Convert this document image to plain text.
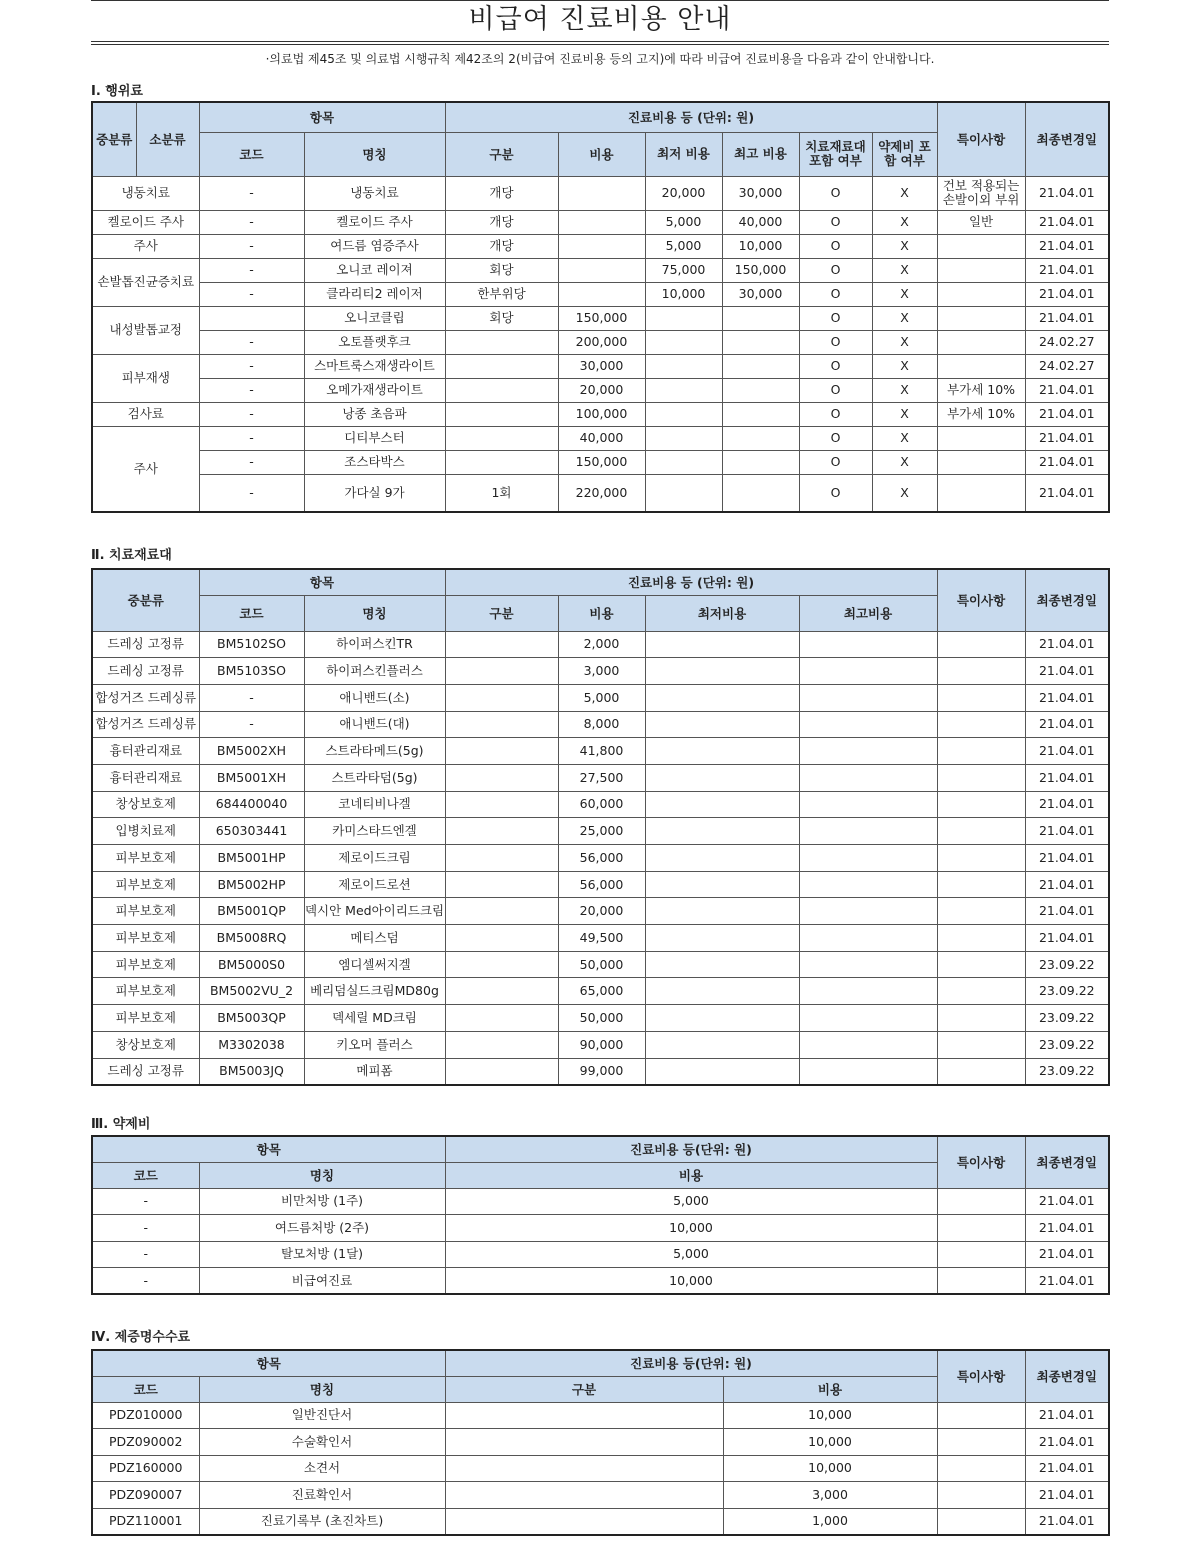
비급여 진료비용 안내
·의료법 제45조 및 의료법 시행규칙 제42조의 2(비급여 진료비용 등의 고지)에 따라 비급여 진료비용을 다음과 같이 안내합니다.
Ⅰ. 행위료
중분류	소분류	항목		진료비용 등 (단위: 원)						특이사항	최종변경일
		코드	명칭	구분	비용	최저 비용	최고 비용	치료재료대 포함 여부	약제비 포함 여부		
냉동치료		-	냉동치료	개당		20,000	30,000	O	X	건보 적용되는 손발이외 부위	21.04.01
켈로이드 주사		-	켈로이드 주사	개당		5,000	40,000	O	X	일반	21.04.01
주사		-	여드름 염증주사	개당		5,000	10,000	O	X		21.04.01
손발톱진균증치료		-	오니코 레이져	회당		75,000	150,000	O	X		21.04.01
		-	클라리티2 레이저	한부위당		10,000	30,000	O	X		21.04.01
내성발톱교정			오니코클립	회당	150,000			O	X		21.04.01
		-	오토플랫후크		200,000			O	X		24.02.27
피부재생		-	스마트룩스재생라이트		30,000			O	X		24.02.27
		-	오메가재생라이트		20,000			O	X	부가세 10%	21.04.01
검사료		-	낭종 초음파		100,000			O	X	부가세 10%	21.04.01
주사		-	디티부스터		40,000			O	X		21.04.01
		-	조스타박스		150,000			O	X		21.04.01
		-	가다실 9가	1회	220,000			O	X		21.04.01
Ⅱ. 치료재료대
중분류	항목		진료비용 등 (단위: 원)				특이사항	최종변경일
	코드	명칭	구분	비용	최저비용	최고비용		
드레싱 고정류	BM5102SO	하이퍼스킨TR		2,000				21.04.01
드레싱 고정류	BM5103SO	하이퍼스킨플러스		3,000				21.04.01
합성거즈 드레싱류	-	애니밴드(소)		5,000				21.04.01
합성거즈 드레싱류	-	애니밴드(대)		8,000				21.04.01
흉터관리재료	BM5002XH	스트라타메드(5g)		41,800				21.04.01
흉터관리재료	BM5001XH	스트라타덤(5g)		27,500				21.04.01
창상보호제	684400040	코네티비나겔		60,000				21.04.01
입병치료제	650303441	카미스타드엔겔		25,000				21.04.01
피부보호제	BM5001HP	제로이드크림		56,000				21.04.01
피부보호제	BM5002HP	제로이드로션		56,000				21.04.01
피부보호제	BM5001QP	덱시안 Med아이리드크림		20,000				21.04.01
피부보호제	BM5008RQ	메티스덤		49,500				21.04.01
피부보호제	BM5000S0	엠디셀써지겔		50,000				23.09.22
피부보호제	BM5002VU_2	베리덤실드크림MD80g		65,000				23.09.22
피부보호제	BM5003QP	덱세릴 MD크림		50,000				23.09.22
창상보호제	M3302038	키오머 플러스		90,000				23.09.22
드레싱 고정류	BM5003JQ	메피폼		99,000				23.09.22
Ⅲ. 약제비
항목		진료비용 등(단위: 원)	특이사항	최종변경일
코드	명칭	비용		
-	비만처방 (1주)	5,000		21.04.01
-	여드름처방 (2주)	10,000		21.04.01
-	탈모처방 (1달)	5,000		21.04.01
-	비급여진료	10,000		21.04.01
Ⅳ. 제증명수수료
항목		진료비용 등(단위: 원)		특이사항	최종변경일
코드	명칭	구분	비용		
PDZ010000	일반진단서		10,000		21.04.01
PDZ090002	수술확인서		10,000		21.04.01
PDZ160000	소견서		10,000		21.04.01
PDZ090007	진료확인서		3,000		21.04.01
PDZ110001	진료기록부 (초진차트)		1,000		21.04.01
